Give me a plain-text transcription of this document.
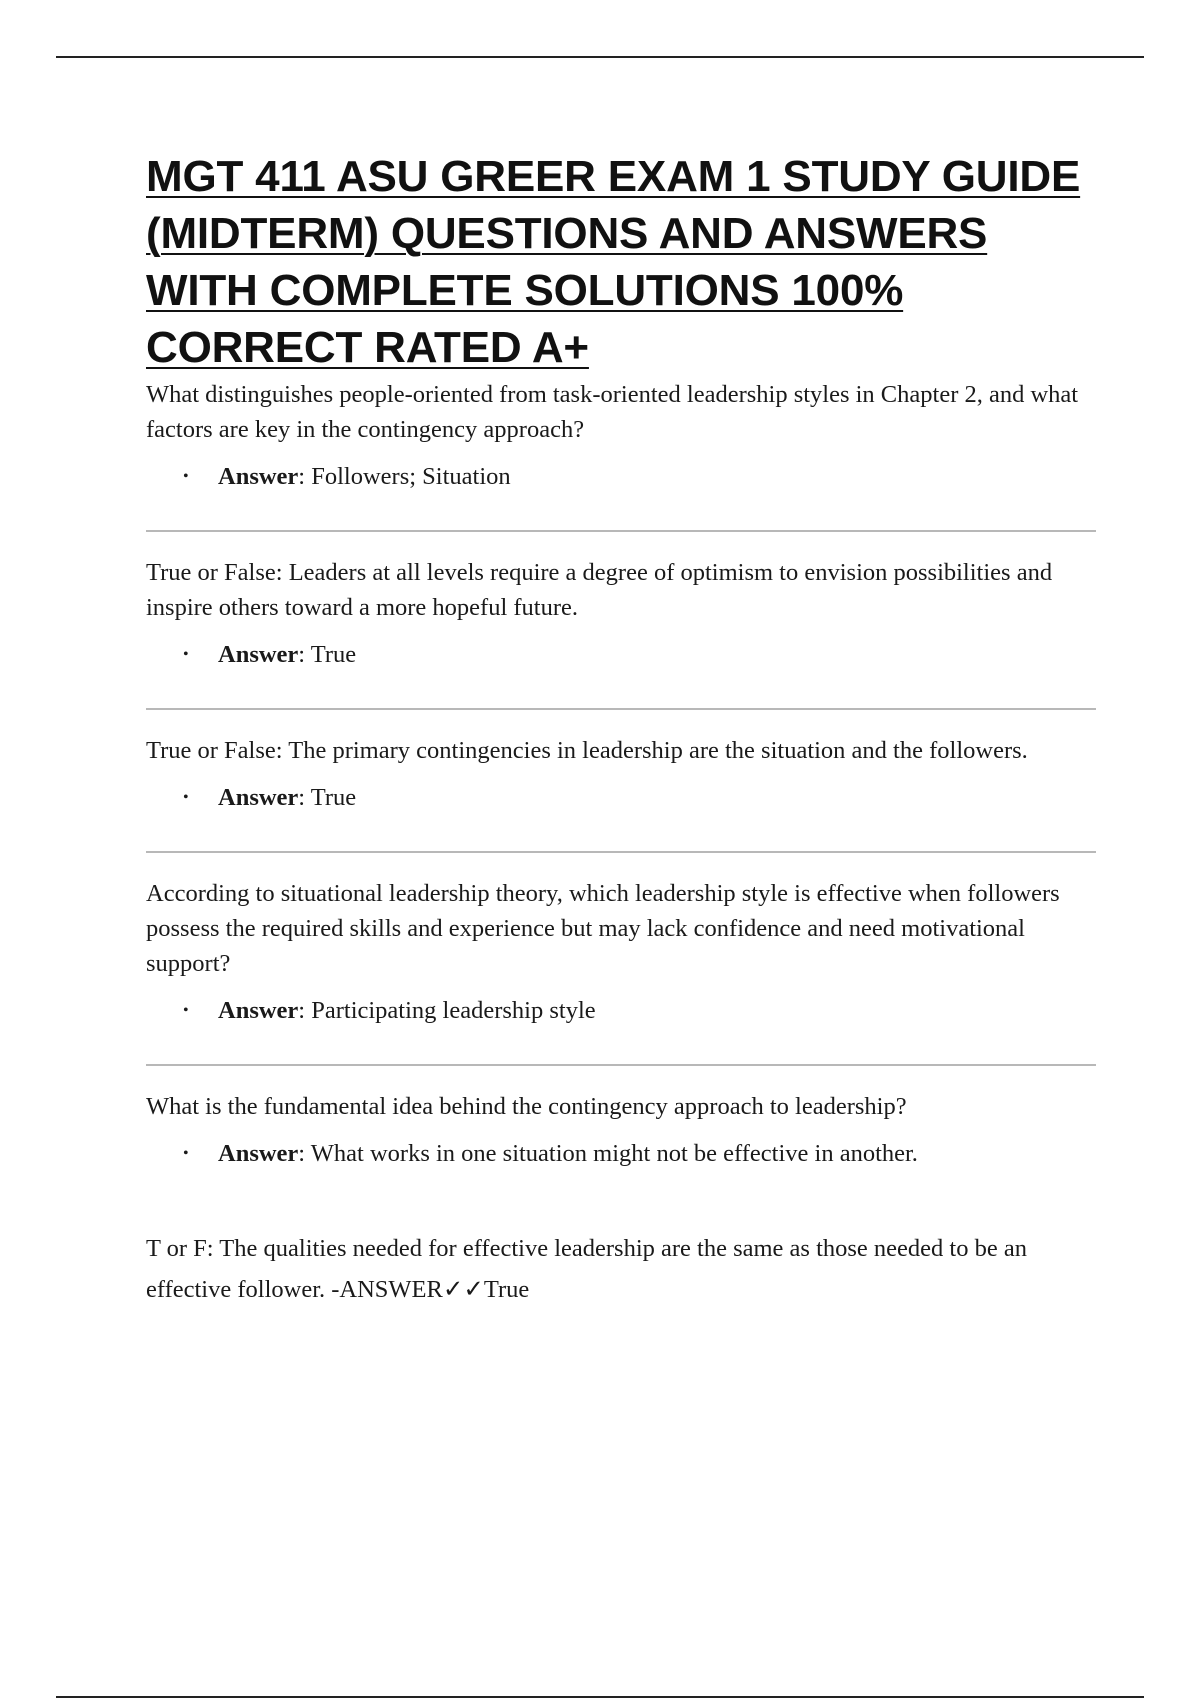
MGT 411 ASU GREER EXAM 1 STUDY GUIDE (MIDTERM) QUESTIONS AND ANSWERS WITH COMPLETE SOLUTIONS 100% CORRECT RATED A+

What distinguishes people-oriented from task-oriented leadership styles in Chapter 2, and what factors are key in the contingency approach?

• Answer: Followers; Situation

True or False: Leaders at all levels require a degree of optimism to envision possibilities and inspire others toward a more hopeful future.

• Answer: True

True or False: The primary contingencies in leadership are the situation and the followers.

• Answer: True

According to situational leadership theory, which leadership style is effective when followers possess the required skills and experience but may lack confidence and need motivational support?

• Answer: Participating leadership style

What is the fundamental idea behind the contingency approach to leadership?

• Answer: What works in one situation might not be effective in another.

T or F: The qualities needed for effective leadership are the same as those needed to be an effective follower. -ANSWER✓✓True
